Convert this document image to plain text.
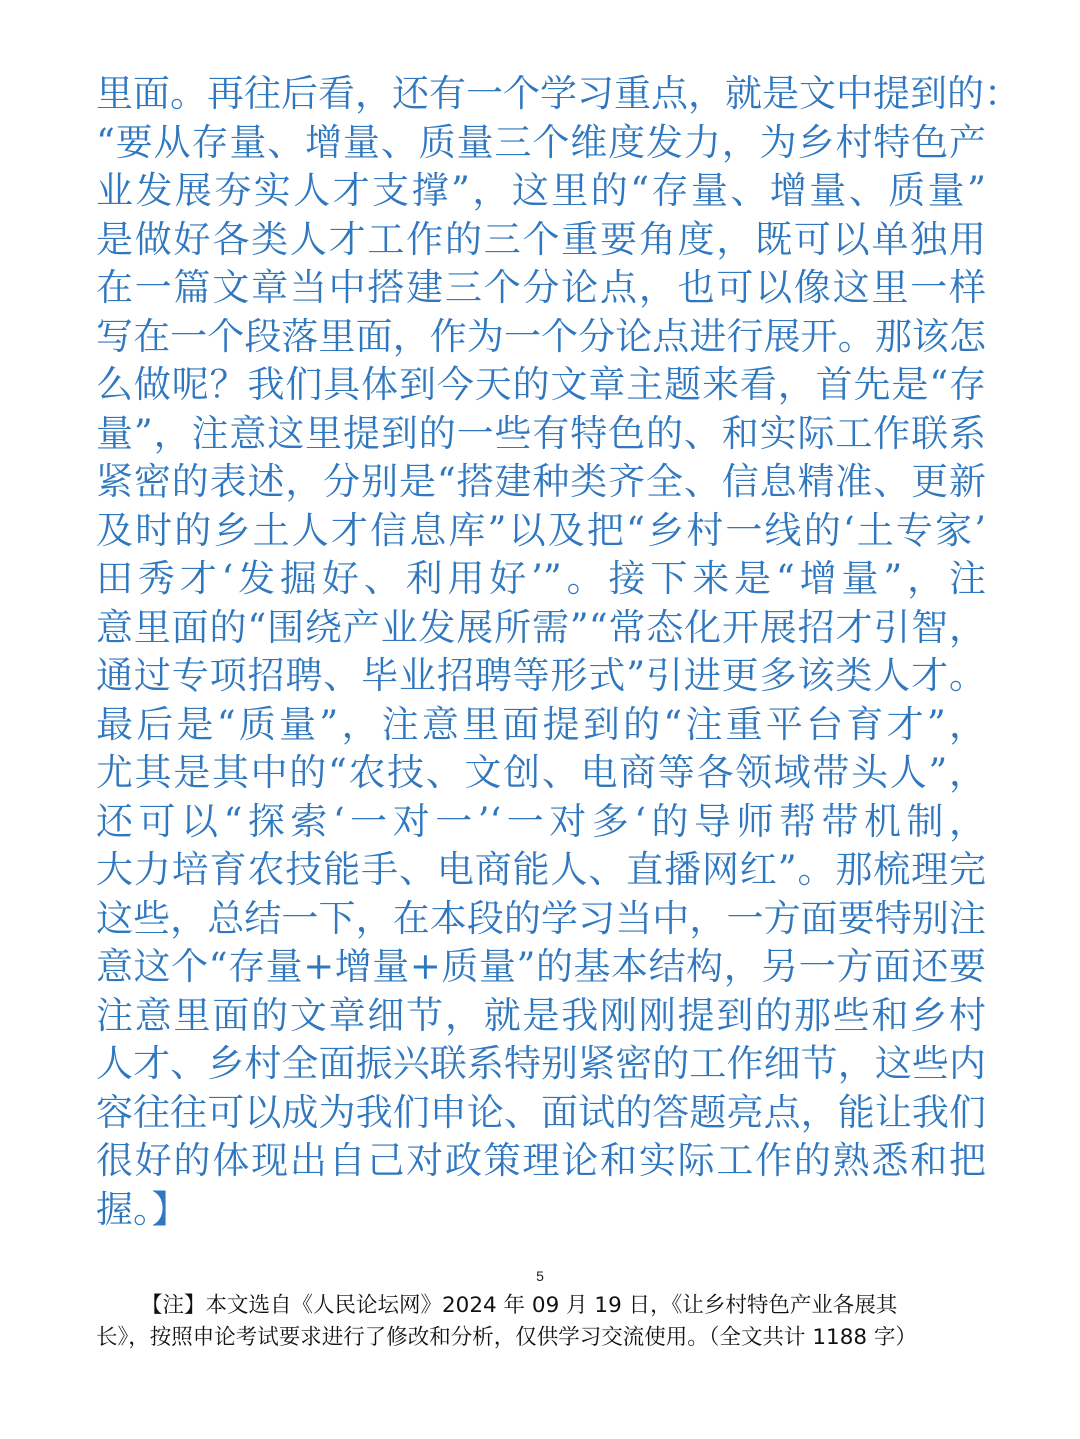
里面。再往后看，还有一个学习重点，就是文中提到的：
“要从存量、增量、质量三个维度发力，为乡村特色产
业发展夯实人才支撑”，这里的“存量、增量、质量”
是做好各类人才工作的三个重要角度，既可以单独用
在一篇文章当中搭建三个分论点，也可以像这里一样
写在一个段落里面，作为一个分论点进行展开。那该怎
么做呢？我们具体到今天的文章主题来看，首先是“存
量”，注意这里提到的一些有特色的、和实际工作联系
紧密的表述，分别是“搭建种类齐全、信息精准、更新
及时的乡土人才信息库”以及把“乡村一线的‘土专家’
田秀才‘发掘好、利用好’”。接下来是“增量”，注
意里面的“围绕产业发展所需”“常态化开展招才引智，
通过专项招聘、毕业招聘等形式”引进更多该类人才。
最后是“质量”，注意里面提到的“注重平台育才”，
尤其是其中的“农技、文创、电商等各领域带头人”，
还可以“探索‘一对一’‘一对多‘的导师帮带机制，
大力培育农技能手、电商能人、直播网红”。那梳理完
这些，总结一下，在本段的学习当中，一方面要特别注
意这个“存量+增量+质量”的基本结构，另一方面还要
注意里面的文章细节，就是我刚刚提到的那些和乡村
人才、乡村全面振兴联系特别紧密的工作细节，这些内
容往往可以成为我们申论、面试的答题亮点，能让我们
很好的体现出自己对政策理论和实际工作的熟悉和把
握。】
5
【注】本文选自《人民论坛网》2024 年 09 月 19 日，《让乡村特色产业各展其
长》，按照申论考试要求进行了修改和分析，仅供学习交流使用。（全文共计 1188 字）
